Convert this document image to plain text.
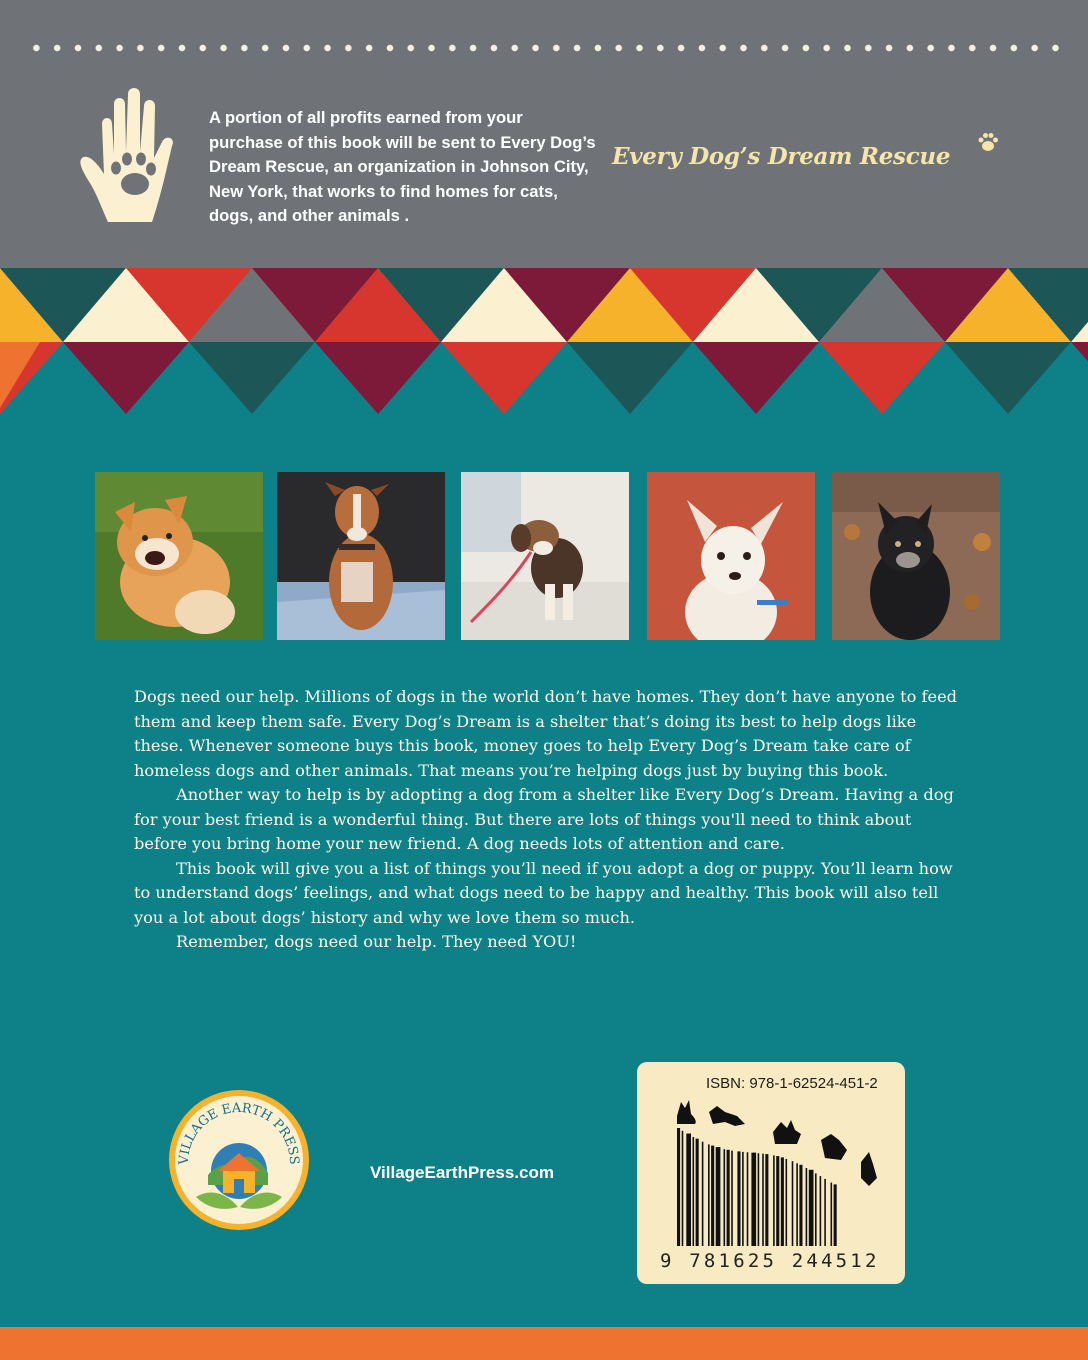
A portion of all profits earned from your purchase of this book will be sent to Every Dog’s Dream Rescue, an organization in Johnson City, New York, that works to find homes for cats, dogs, and other animals .

Every Dog’s Dream Rescue

Dogs need our help. Millions of dogs in the world don’t have homes. They don’t have anyone to feed them and keep them safe. Every Dog’s Dream is a shelter that’s doing its best to help dogs like these. Whenever someone buys this book, money goes to help Every Dog’s Dream take care of homeless dogs and other animals. That means you’re helping dogs just by buying this book.

Another way to help is by adopting a dog from a shelter like Every Dog’s Dream. Having a dog for your best friend is a wonderful thing. But there are lots of things you'll need to think about before you bring home your new friend. A dog needs lots of attention and care.

This book will give you a list of things you’ll need if you adopt a dog or puppy. You’ll learn how to understand dogs’ feelings, and what dogs need to be happy and healthy. This book will also tell you a lot about dogs’ history and why we love them so much.

Remember, dogs need our help. They need YOU!

VILLAGE EARTH PRESS
VillageEarthPress.com
ISBN: 978-1-62524-451-2
9 781625 244512
